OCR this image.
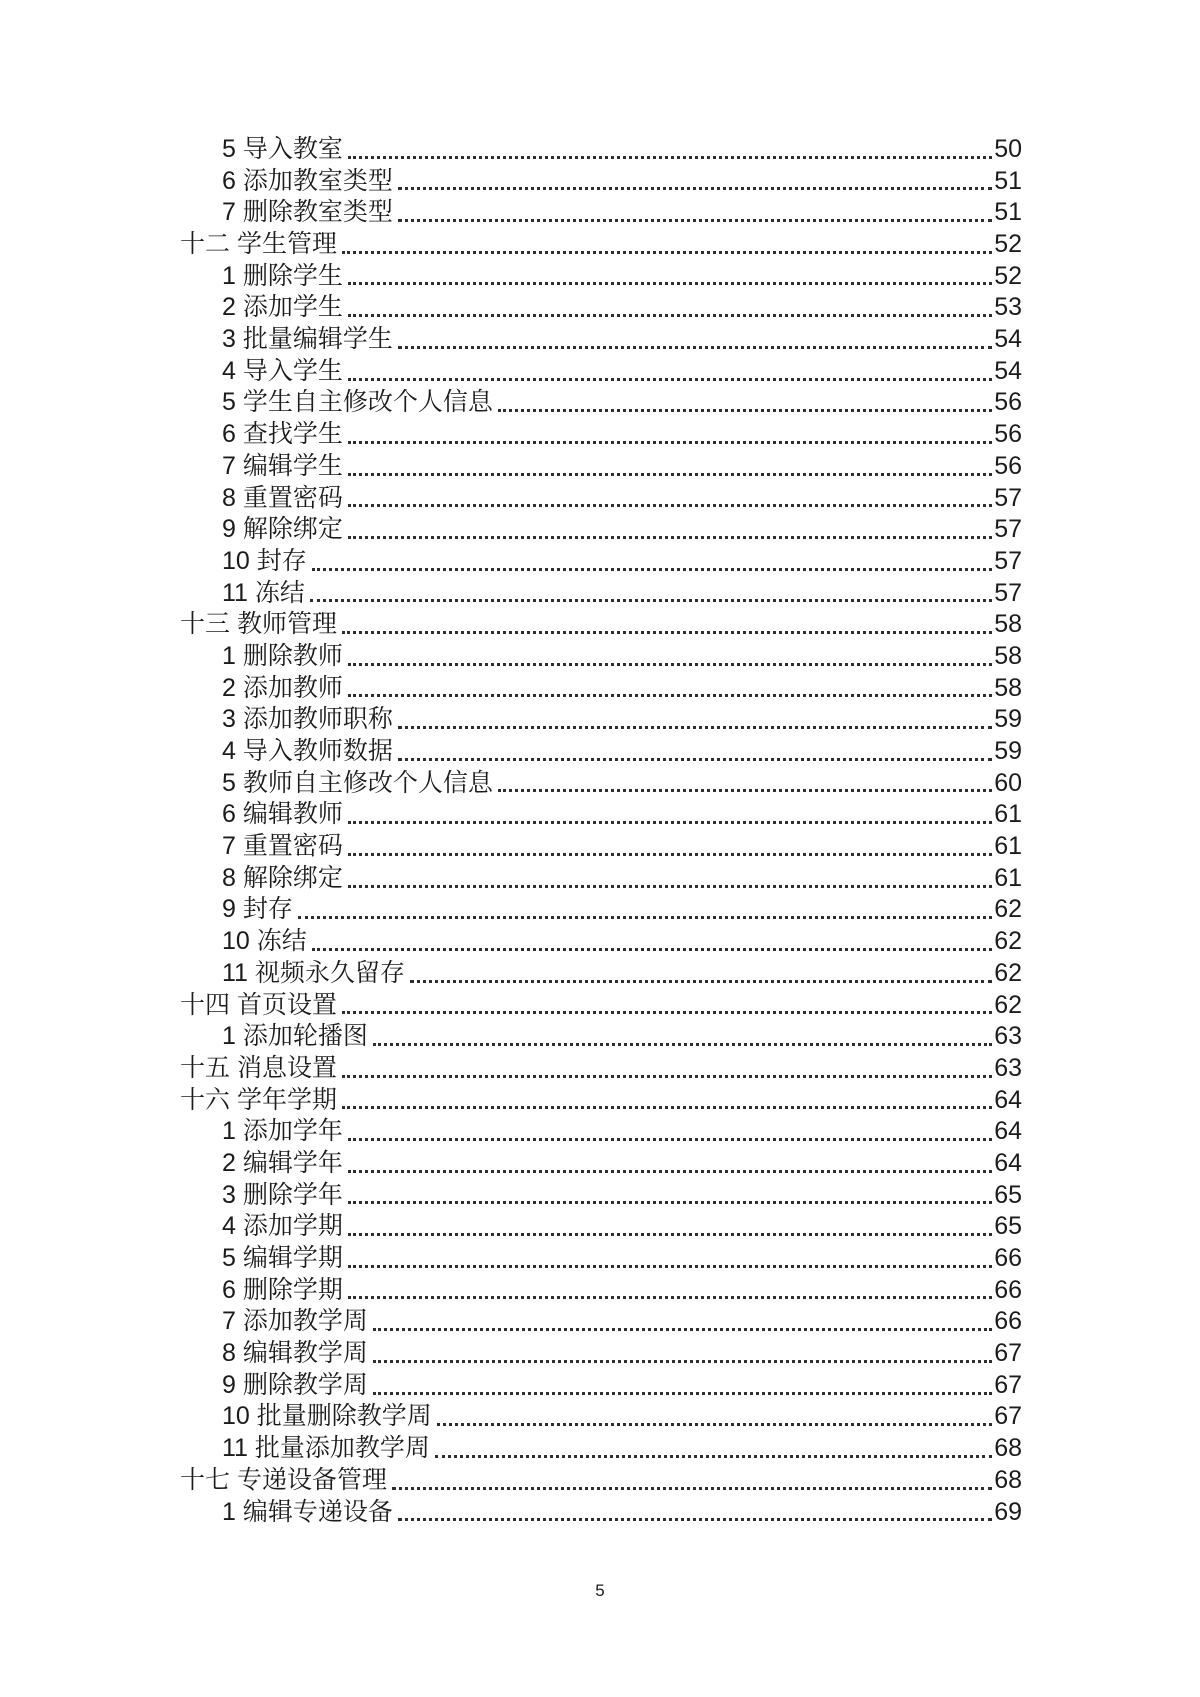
5 导入教室	50
6 添加教室类型	51
7 删除教室类型	51
十二 学生管理	52
1 删除学生	52
2 添加学生	53
3 批量编辑学生	54
4 导入学生	54
5 学生自主修改个人信息	56
6 查找学生	56
7 编辑学生	56
8 重置密码	57
9 解除绑定	57
10 封存	57
11 冻结	57
十三 教师管理	58
1 删除教师	58
2 添加教师	58
3 添加教师职称	59
4 导入教师数据	59
5 教师自主修改个人信息	60
6 编辑教师	61
7 重置密码	61
8 解除绑定	61
9 封存	62
10 冻结	62
11 视频永久留存	62
十四 首页设置	62
1 添加轮播图	63
十五 消息设置	63
十六 学年学期	64
1 添加学年	64
2 编辑学年	64
3 删除学年	65
4 添加学期	65
5 编辑学期	66
6 删除学期	66
7 添加教学周	66
8 编辑教学周	67
9 删除教学周	67
10 批量删除教学周	67
11 批量添加教学周	68
十七 专递设备管理	68
1 编辑专递设备	69
5
